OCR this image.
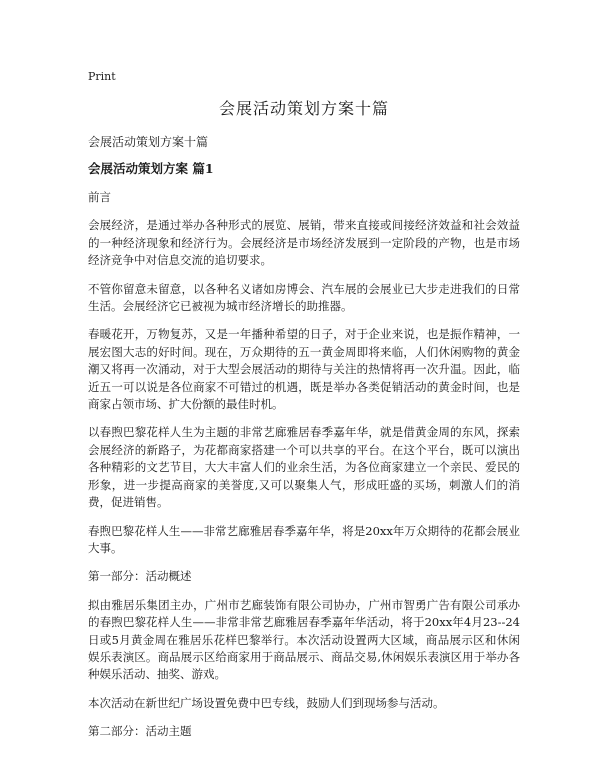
Print
会展活动策划方案十篇
会展活动策划方案十篇
会展活动策划方案 篇1

前言

会展经济，是通过举办各种形式的展览、展销，带来直接或间接经济效益和社会效益的一种经济现象和经济行为。会展经济是市场经济发展到一定阶段的产物，也是市场经济竞争中对信息交流的追切要求。

不管你留意未留意，以各种名义诸如房博会、汽车展的会展业已大步走进我们的日常生活。会展经济它已被视为城市经济增长的助推器。

春暖花开，万物复苏，又是一年播种希望的日子，对于企业来说，也是振作精神，一展宏图大志的好时间。现在，万众期待的五一黄金周即将来临，人们休闲购物的黄金潮又将再一次涌动，对于大型会展活动的期待与关注的热情将再一次升温。因此，临近五一可以说是各位商家不可错过的机遇，既是举办各类促销活动的黄金时间，也是商家占领市场、扩大份额的最佳时机。

以春煦巴黎花样人生为主题的非常艺廊雅居春季嘉年华，就是借黄金周的东风，探索会展经济的新路子，为花都商家搭建一个可以共享的平台。在这个平台，既可以演出各种精彩的文艺节目，大大丰富人们的业余生活，为各位商家建立一个亲民、爱民的形象，进一步提高商家的美誉度,又可以聚集人气，形成旺盛的买场，刺激人们的消费，促进销售。

春煦巴黎花样人生——非常艺廊雅居春季嘉年华，将是20xx年万众期待的花都会展业大事。

第一部分：活动概述

拟由雅居乐集团主办，广州市艺廊装饰有限公司协办，广州市智勇广告有限公司承办的春煦巴黎花样人生——非常非常艺廊雅居春季嘉年华活动，将于20xx年4月23--24日或5月黄金周在雅居乐花样巴黎举行。本次活动设置两大区域，商品展示区和休闲娱乐表演区。商品展示区给商家用于商品展示、商品交易,休闲娱乐表演区用于举办各种娱乐活动、抽奖、游戏。

本次活动在新世纪广场设置免费中巴专线，鼓励人们到现场参与活动。

第二部分：活动主题
